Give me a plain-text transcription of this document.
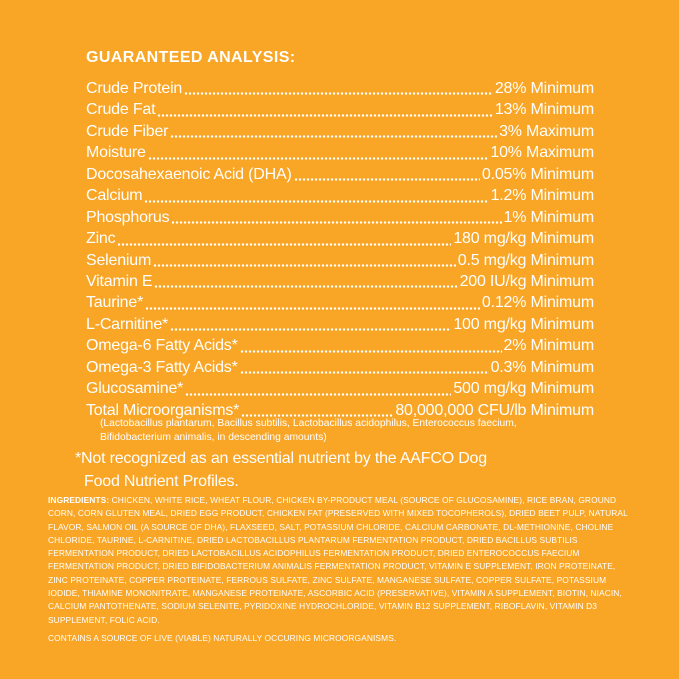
GUARANTEED ANALYSIS:
Crude Protein	28% Minimum
Crude Fat	13% Minimum
Crude Fiber	3% Maximum
Moisture	10% Maximum
Docosahexaenoic Acid (DHA)	0.05% Minimum
Calcium	1.2% Minimum
Phosphorus	1% Minimum
Zinc	180 mg/kg Minimum
Selenium	0.5 mg/kg Minimum
Vitamin E	200 IU/kg Minimum
Taurine*	0.12% Minimum
L-Carnitine*	100 mg/kg Minimum
Omega-6 Fatty Acids*	2% Minimum
Omega-3 Fatty Acids*	0.3% Minimum
Glucosamine*	500 mg/kg Minimum
Total Microorganisms*	80,000,000 CFU/lb Minimum
(Lactobacillus plantarum, Bacillus subtilis, Lactobacillus acidophilus, Enterococcus faecium, Bifidobacterium animalis, in descending amounts)
*Not recognized as an essential nutrient by the AAFCO Dog Food Nutrient Profiles.

INGREDIENTS: CHICKEN, WHITE RICE, WHEAT FLOUR, CHICKEN BY-PRODUCT MEAL (SOURCE OF GLUCOSAMINE), RICE BRAN, GROUND CORN, CORN GLUTEN MEAL, DRIED EGG PRODUCT, CHICKEN FAT (PRESERVED WITH MIXED TOCOPHEROLS), DRIED BEET PULP, NATURAL FLAVOR, SALMON OIL (A SOURCE OF DHA), FLAXSEED, SALT, POTASSIUM CHLORIDE, CALCIUM CARBONATE, DL-METHIONINE, CHOLINE CHLORIDE, TAURINE, L-CARNITINE, DRIED LACTOBACILLUS PLANTARUM FERMENTATION PRODUCT, DRIED BACILLUS SUBTILIS FERMENTATION PRODUCT, DRIED LACTOBACILLUS ACIDOPHILUS FERMENTATION PRODUCT, DRIED ENTEROCOCCUS FAECIUM FERMENTATION PRODUCT, DRIED BIFIDOBACTERIUM ANIMALIS FERMENTATION PRODUCT, VITAMIN E SUPPLEMENT, IRON PROTEINATE, ZINC PROTEINATE, COPPER PROTEINATE, FERROUS SULFATE, ZINC SULFATE, MANGANESE SULFATE, COPPER SULFATE, POTASSIUM IODIDE, THIAMINE MONONITRATE, MANGANESE PROTEINATE, ASCORBIC ACID (PRESERVATIVE), VITAMIN A SUPPLEMENT, BIOTIN, NIACIN, CALCIUM PANTOTHENATE, SODIUM SELENITE, PYRIDOXINE HYDROCHLORIDE, VITAMIN B12 SUPPLEMENT, RIBOFLAVIN, VITAMIN D3 SUPPLEMENT, FOLIC ACID.

CONTAINS A SOURCE OF LIVE (VIABLE) NATURALLY OCCURING MICROORGANISMS.
